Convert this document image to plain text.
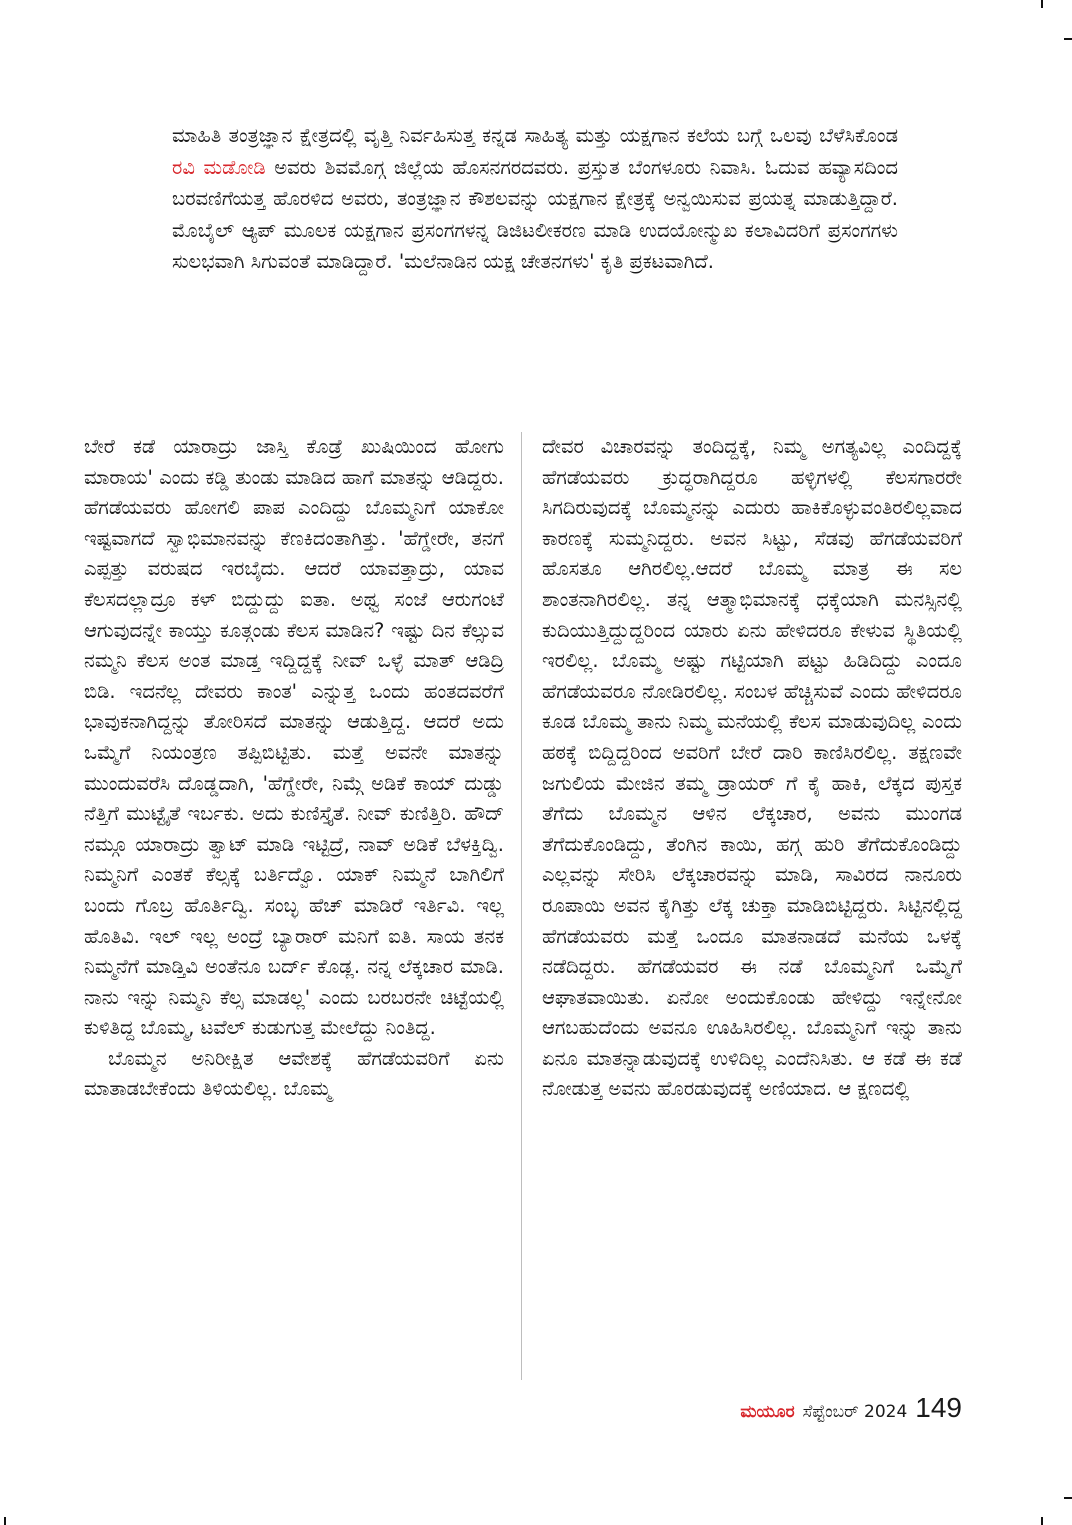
ಮಾಹಿತಿ ತಂತ್ರಜ್ಞಾನ ಕ್ಷೇತ್ರದಲ್ಲಿ ವೃತ್ತಿ ನಿರ್ವಹಿಸುತ್ತ ಕನ್ನಡ ಸಾಹಿತ್ಯ ಮತ್ತು ಯಕ್ಷಗಾನ ಕಲೆಯ ಬಗ್ಗೆ ಒಲವು ಬೆಳೆಸಿಕೊಂಡ ರವಿ ಮಡೋಡಿ ಅವರು ಶಿವಮೊಗ್ಗ ಜಿಲ್ಲೆಯ ಹೊಸನಗರದವರು. ಪ್ರಸ್ತುತ ಬೆಂಗಳೂರು ನಿವಾಸಿ. ಓದುವ ಹವ್ಯಾಸದಿಂದ ಬರವಣಿಗೆಯತ್ತ ಹೊರಳಿದ ಅವರು, ತಂತ್ರಜ್ಞಾನ ಕೌಶಲವನ್ನು ಯಕ್ಷಗಾನ ಕ್ಷೇತ್ರಕ್ಕೆ ಅನ್ವಯಿಸುವ ಪ್ರಯತ್ನ ಮಾಡುತ್ತಿದ್ದಾರೆ. ಮೊಬೈಲ್ ಆ್ಯಪ್ ಮೂಲಕ ಯಕ್ಷಗಾನ ಪ್ರಸಂಗಗಳನ್ನ ಡಿಜಿಟಲೀಕರಣ ಮಾಡಿ ಉದಯೋನ್ಮುಖ ಕಲಾವಿದರಿಗೆ ಪ್ರಸಂಗಗಳು ಸುಲಭವಾಗಿ ಸಿಗುವಂತೆ ಮಾಡಿದ್ದಾರೆ. 'ಮಲೆನಾಡಿನ ಯಕ್ಷ ಚೇತನಗಳು' ಕೃತಿ ಪ್ರಕಟವಾಗಿದೆ.

ಬೇರೆ ಕಡೆ ಯಾರಾದ್ರು ಜಾಸ್ತಿ ಕೊಡ್ರೆ ಖುಷಿಯಿಂದ ಹೋಗು ಮಾರಾಯ' ಎಂದು ಕಡ್ಡಿ ತುಂಡು ಮಾಡಿದ ಹಾಗೆ ಮಾತನ್ನು ಆಡಿದ್ದರು. ಹೆಗಡೆಯವರು ಹೋಗಲಿ ಪಾಪ ಎಂದಿದ್ದು ಬೊಮ್ಮನಿಗೆ ಯಾಕೋ ಇಷ್ಟವಾಗದೆ ಸ್ವಾಭಿಮಾನವನ್ನು ಕೆಣಕಿದಂತಾಗಿತ್ತು. 'ಹೆಗ್ಡೇರೇ, ತನಗೆ ಎಪ್ಪತ್ತು ವರುಷದ ಇರಬೈದು. ಆದರೆ ಯಾವತ್ತಾದ್ರು, ಯಾವ ಕೆಲಸದಲ್ಲಾದ್ರೂ ಕಳ್ ಬಿದ್ದುದ್ದು ಐತಾ. ಅಥ್ವ ಸಂಜೆ ಆರುಗಂಟೆ ಆಗುವುದನ್ನೇ ಕಾಯ್ತು ಕೂತ್ಗಂಡು ಕೆಲಸ ಮಾಡಿನ? ಇಷ್ಟು ದಿನ ಕೆಲ್ಸುವ ನಮ್ಮನಿ ಕೆಲಸ ಅಂತ ಮಾಡ್ತ ಇದ್ದಿದ್ದಕ್ಕೆ ನೀವ್ ಒಳ್ಳೆ ಮಾತ್ ಆಡಿದ್ರಿ ಬಿಡಿ. ಇದನೆಲ್ಲ ದೇವರು ಕಾಂತ' ಎನ್ನುತ್ತ ಒಂದು ಹಂತದವರೆಗೆ ಭಾವುಕನಾಗಿದ್ದನ್ನು ತೋರಿಸದೆ ಮಾತನ್ನು ಆಡುತ್ತಿದ್ದ. ಆದರೆ ಅದು ಒಮ್ಮೆಗೆ ನಿಯಂತ್ರಣ ತಪ್ಪಿಬಿಟ್ಟಿತು. ಮತ್ತೆ ಅವನೇ ಮಾತನ್ನು ಮುಂದುವರೆಸಿ ದೊಡ್ಡದಾಗಿ, 'ಹೆಗ್ಡೇರೇ, ನಿಮ್ಗೆ ಅಡಿಕೆ ಕಾಯ್ ದುಡ್ಡು ನೆತ್ತಿಗೆ ಮುಟ್ಟೈತೆ ಇರ್ಬಕು. ಅದು ಕುಣಿಸ್ತೈತೆ. ನೀವ್ ಕುಣಿತ್ತಿರಿ. ಹೌದ್ ನಮ್ಗೂ ಯಾರಾದ್ರು ತ್ವಾಟ್ ಮಾಡಿ ಇಟ್ಟಿದ್ರೆ, ನಾವ್ ಅಡಿಕೆ ಬೆಳಕ್ತಿದ್ವಿ. ನಿಮ್ಮನಿಗೆ ಎಂತಕೆ ಕೆಲ್ಸಕ್ಕೆ ಬರ್ತಿದ್ವೊ. ಯಾಕ್ ನಿಮ್ಮನೆ ಬಾಗಿಲಿಗೆ ಬಂದು ಗೊಬ್ರ ಹೊರ್ತಿದ್ವಿ. ಸಂಬ್ಳ ಹೆಚ್ ಮಾಡಿರೆ ಇರ್ತಿವಿ. ಇಲ್ಲ ಹೊತಿವಿ. ಇಲ್ ಇಲ್ಲ ಅಂದ್ರೆ ಬ್ಯಾರಾರ್ ಮನಿಗೆ ಐತಿ. ಸಾಯ ತನಕ ನಿಮ್ಮನೆಗೆ ಮಾಡ್ತಿವಿ ಅಂತೆನೂ ಬರ್ದ್ ಕೊಡ್ಲ. ನನ್ನ ಲೆಕ್ಕಚಾರ ಮಾಡಿ. ನಾನು ಇನ್ನು ನಿಮ್ಮನಿ ಕೆಲ್ಸ ಮಾಡಲ್ಲ' ಎಂದು ಬರಬರನೇ ಚಿಟ್ಟೆಯಲ್ಲಿ ಕುಳಿತಿದ್ದ ಬೊಮ್ಮ, ಟವೆಲ್ ಕುಡುಗುತ್ತ ಮೇಲೆದ್ದು ನಿಂತಿದ್ದ.

ಬೊಮ್ಮನ ಅನಿರೀಕ್ಷಿತ ಆವೇಶಕ್ಕೆ ಹೆಗಡೆಯವರಿಗೆ ಏನು ಮಾತಾಡಬೇಕೆಂದು ತಿಳಿಯಲಿಲ್ಲ. ಬೊಮ್ಮ

ದೇವರ ವಿಚಾರವನ್ನು ತಂದಿದ್ದಕ್ಕೆ, ನಿಮ್ಮ ಅಗತ್ಯವಿಲ್ಲ ಎಂದಿದ್ದಕ್ಕೆ ಹೆಗಡೆಯವರು ಕ್ರುದ್ಧರಾಗಿದ್ದರೂ ಹಳ್ಳಿಗಳಲ್ಲಿ ಕೆಲಸಗಾರರೇ ಸಿಗದಿರುವುದಕ್ಕೆ ಬೊಮ್ಮನನ್ನು ಎದುರು ಹಾಕಿಕೊಳ್ಳುವಂತಿರಲಿಲ್ಲವಾದ ಕಾರಣಕ್ಕೆ ಸುಮ್ಮನಿದ್ದರು. ಅವನ ಸಿಟ್ಟು, ಸೆಡವು ಹೆಗಡೆಯವರಿಗೆ ಹೊಸತೂ ಆಗಿರಲಿಲ್ಲ.ಆದರೆ ಬೊಮ್ಮ ಮಾತ್ರ ಈ ಸಲ ಶಾಂತನಾಗಿರಲಿಲ್ಲ. ತನ್ನ ಆತ್ಮಾಭಿಮಾನಕ್ಕೆ ಧಕ್ಕೆಯಾಗಿ ಮನಸ್ಸಿನಲ್ಲಿ ಕುದಿಯುತ್ತಿದ್ದುದ್ದರಿಂದ ಯಾರು ಏನು ಹೇಳಿದರೂ ಕೇಳುವ ಸ್ಥಿತಿಯಲ್ಲಿ ಇರಲಿಲ್ಲ. ಬೊಮ್ಮ ಅಷ್ಟು ಗಟ್ಟಿಯಾಗಿ ಪಟ್ಟು ಹಿಡಿದಿದ್ದು ಎಂದೂ ಹೆಗಡೆಯವರೂ ನೋಡಿರಲಿಲ್ಲ. ಸಂಬಳ ಹೆಚ್ಚಿಸುವೆ ಎಂದು ಹೇಳಿದರೂ ಕೂಡ ಬೊಮ್ಮ ತಾನು ನಿಮ್ಮ ಮನೆಯಲ್ಲಿ ಕೆಲಸ ಮಾಡುವುದಿಲ್ಲ ಎಂದು ಹಠಕ್ಕೆ ಬಿದ್ದಿದ್ದರಿಂದ ಅವರಿಗೆ ಬೇರೆ ದಾರಿ ಕಾಣಿಸಿರಲಿಲ್ಲ. ತಕ್ಷಣವೇ ಜಗುಲಿಯ ಮೇಜಿನ ತಮ್ಮ ಡ್ರಾಯರ್ ಗೆ ಕೈ ಹಾಕಿ, ಲೆಕ್ಕದ ಪುಸ್ತಕ ತೆಗೆದು ಬೊಮ್ಮನ ಆಳಿನ ಲೆಕ್ಕಚಾರ, ಅವನು ಮುಂಗಡ ತೆಗೆದುಕೊಂಡಿದ್ದು, ತೆಂಗಿನ ಕಾಯಿ, ಹಗ್ಗ ಹುರಿ ತೆಗೆದುಕೊಂಡಿದ್ದು ಎಲ್ಲವನ್ನು ಸೇರಿಸಿ ಲೆಕ್ಕಚಾರವನ್ನು ಮಾಡಿ, ಸಾವಿರದ ನಾನೂರು ರೂಪಾಯಿ ಅವನ ಕೈಗಿತ್ತು ಲೆಕ್ಕ ಚುಕ್ತಾ ಮಾಡಿಬಿಟ್ಟಿದ್ದರು. ಸಿಟ್ಟಿನಲ್ಲಿದ್ದ ಹೆಗಡೆಯವರು ಮತ್ತೆ ಒಂದೂ ಮಾತನಾಡದೆ ಮನೆಯ ಒಳಕ್ಕೆ ನಡೆದಿದ್ದರು. ಹೆಗಡೆಯವರ ಈ ನಡೆ ಬೊಮ್ಮನಿಗೆ ಒಮ್ಮೆಗೆ ಆಘಾತವಾಯಿತು. ಏನೋ ಅಂದುಕೊಂಡು ಹೇಳಿದ್ದು ಇನ್ನೇನೋ ಆಗಬಹುದೆಂದು ಅವನೂ ಊಹಿಸಿರಲಿಲ್ಲ. ಬೊಮ್ಮನಿಗೆ ಇನ್ನು ತಾನು ಏನೂ ಮಾತನ್ನಾಡುವುದಕ್ಕೆ ಉಳಿದಿಲ್ಲ ಎಂದೆನಿಸಿತು. ಆ ಕಡೆ ಈ ಕಡೆ ನೋಡುತ್ತ ಅವನು ಹೊರಡುವುದಕ್ಕೆ ಅಣಿಯಾದ. ಆ ಕ್ಷಣದಲ್ಲಿ

ಮಯೂರ ಸೆಪ್ಟೆಂಬರ್ 2024 149
